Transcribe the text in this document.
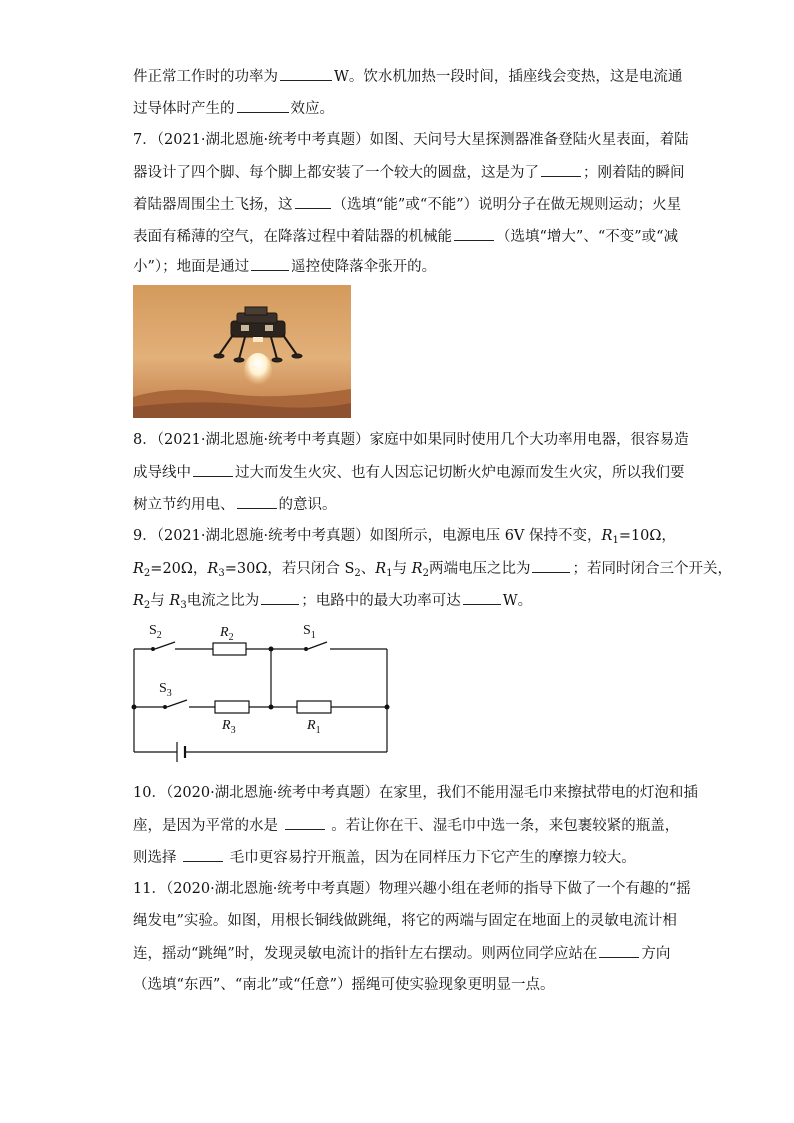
件正常工作时的功率为	W。饮水机加热一段时间，插座线会变热，这是电流通
过导体时产生的	效应。
7．（2021·湖北恩施·统考中考真题）如图、天问号大星探测器准备登陆火星表面，着陆
器设计了四个脚、每个脚上都安装了一个较大的圆盘，这是为了	；刚着陆的瞬间
着陆器周围尘土飞扬，这	（选填“能”或“不能”）说明分子在做无规则运动；火星
表面有稀薄的空气，在降落过程中着陆器的机械能	（选填“增大”、“不变”或“减
小”）；地面是通过	遥控使降落伞张开的。
8．（2021·湖北恩施·统考中考真题）家庭中如果同时使用几个大功率用电器，很容易造
成导线中	过大而发生火灾、也有人因忘记切断火炉电源而发生火灾，所以我们要
树立节约用电、	的意识。
9．（2021·湖北恩施·统考中考真题）如图所示，电源电压 6V 保持不变，$R_1=10\Omega$，
$R_2=20\Omega$，$R_3=30\Omega$，若只闭合 $S_2$、$R_1$与 $R_2$两端电压之比为	；若同时闭合三个开关，
$R_2$与 $R_3$电流之比为	；电路中的最大功率可达	W。
$S_2$	$R_2$	$S_1$
$S_3$
$R_3$	$R_1$
10．（2020·湖北恩施·统考中考真题）在家里，我们不能用湿毛巾来擦拭带电的灯泡和插
座，是因为平常的水是	。若让你在干、湿毛巾中选一条，来包裹较紧的瓶盖，
则选择	毛巾更容易拧开瓶盖，因为在同样压力下它产生的摩擦力较大。
11．（2020·湖北恩施·统考中考真题）物理兴趣小组在老师的指导下做了一个有趣的“摇
绳发电”实验。如图，用根长铜线做跳绳，将它的两端与固定在地面上的灵敏电流计相
连，摇动“跳绳”时，发现灵敏电流计的指针左右摆动。则两位同学应站在	方向
（选填“东西”、“南北”或“任意”）摇绳可使实验现象更明显一点。
